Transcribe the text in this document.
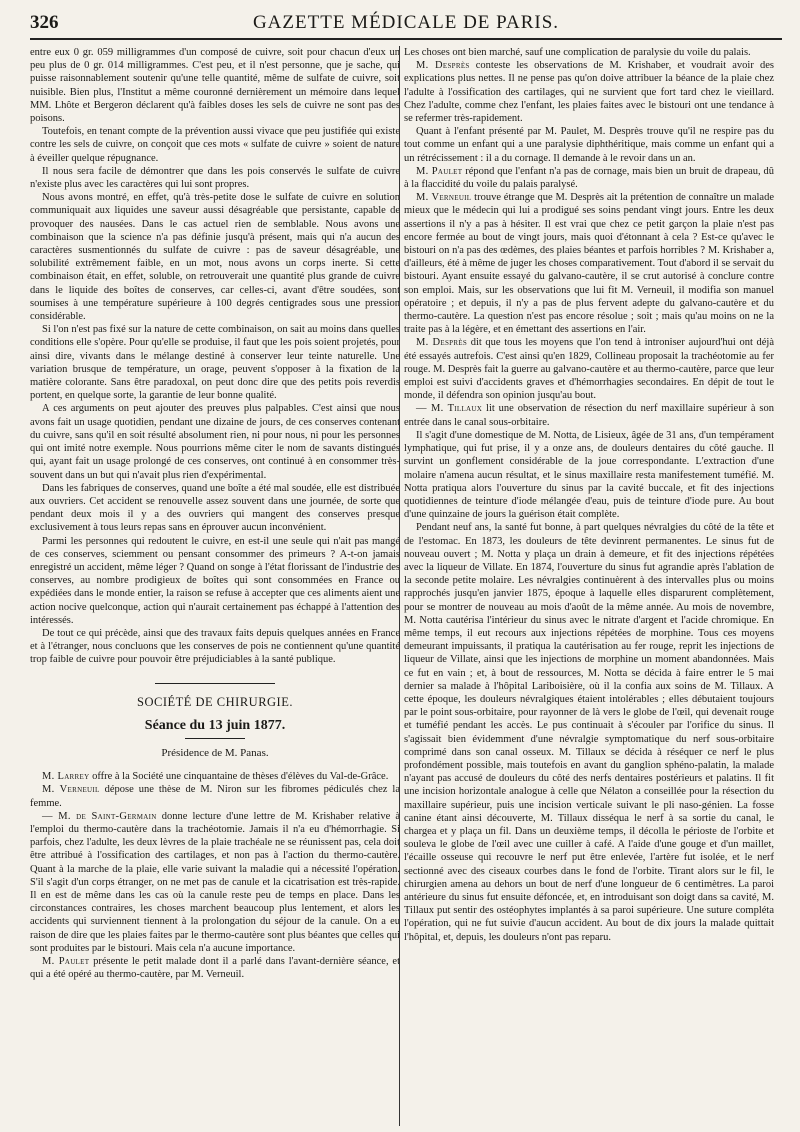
326	GAZETTE MÉDICALE DE PARIS.

entre eux 0 gr. 059 milligrammes d'un composé de cuivre, soit pour chacun d'eux un peu plus de 0 gr. 014 milligrammes. C'est peu, et il n'est personne, que je sache, qui puisse raisonnablement soutenir qu'une telle quantité, même de sulfate de cuivre, soit nuisible. Bien plus, l'Institut a même couronné dernièrement un mémoire dans lequel MM. Lhôte et Bergeron déclarent qu'à faibles doses les sels de cuivre ne sont pas des poisons.

Toutefois, en tenant compte de la prévention aussi vivace que peu justifiée qui existe contre les sels de cuivre, on conçoit que ces mots « sulfate de cuivre » soient de nature à éveiller quelque répugnance.

Il nous sera facile de démontrer que dans les pois conservés le sulfate de cuivre n'existe plus avec les caractères qui lui sont propres.

Nous avons montré, en effet, qu'à très-petite dose le sulfate de cuivre en solution communiquait aux liquides une saveur aussi désagréable que persistante, capable de provoquer des nausées. Dans le cas actuel rien de semblable. Nous avons une combinaison que la science n'a pas définie jusqu'à présent, mais qui n'a aucun des caractères susmentionnés du sulfate de cuivre : pas de saveur désagréable, une solubilité extrêmement faible, en un mot, nous avons un corps inerte. Si cette combinaison était, en effet, soluble, on retrouverait une quantité plus grande de cuivre dans le liquide des boîtes de conserves, car celles-ci, avant d'être soudées, sont soumises à une température supérieure à 100 degrés centigrades sous une pression considérable.

Si l'on n'est pas fixé sur la nature de cette combinaison, on sait au moins dans quelles conditions elle s'opère. Pour qu'elle se produise, il faut que les pois soient projetés, pour ainsi dire, vivants dans le mélange destiné à conserver leur teinte naturelle. Une variation brusque de température, un orage, peuvent s'opposer à la fixation de la matière colorante. Sans être paradoxal, on peut donc dire que des petits pois reverdis portent, en quelque sorte, la garantie de leur bonne qualité.

A ces arguments on peut ajouter des preuves plus palpables. C'est ainsi que nous avons fait un usage quotidien, pendant une dizaine de jours, de ces conserves contenant du cuivre, sans qu'il en soit résulté absolument rien, ni pour nous, ni pour les personnes qui ont imité notre exemple. Nous pourrions même citer le nom de savants distingués qui, ayant fait un usage prolongé de ces conserves, ont continué à en consommer très-souvent dans un but qui n'avait plus rien d'expérimental.

Dans les fabriques de conserves, quand une boîte a été mal soudée, elle est distribuée aux ouvriers. Cet accident se renouvelle assez souvent dans une journée, de sorte que pendant deux mois il y a des ouvriers qui mangent des conserves presque exclusivement à tous leurs repas sans en éprouver aucun inconvénient.

Parmi les personnes qui redoutent le cuivre, en est-il une seule qui n'ait pas mangé de ces conserves, sciemment ou pensant consommer des primeurs ? A-t-on jamais enregistré un accident, même léger ? Quand on songe à l'état florissant de l'industrie des conserves, au nombre prodigieux de boîtes qui sont consommées en France ou expédiées dans le monde entier, la raison se refuse à accepter que ces aliments aient une action nocive quelconque, action qui n'aurait certainement pas échappé à l'attention des intéressés.

De tout ce qui précède, ainsi que des travaux faits depuis quelques années en France et à l'étranger, nous concluons que les conserves de pois ne contiennent qu'une quantité trop faible de cuivre pour pouvoir être préjudiciables à la santé publique.

SOCIÉTÉ DE CHIRURGIE.
Séance du 13 juin 1877.
Présidence de M. Panas.

M. Larrey offre à la Société une cinquantaine de thèses d'élèves du Val-de-Grâce.

M. Verneuil dépose une thèse de M. Niron sur les fibromes pédiculés chez la femme.

— M. de Saint-Germain donne lecture d'une lettre de M. Krishaber relative à l'emploi du thermo-cautère dans la trachéotomie. Jamais il n'a eu d'hémorrhagie. Si parfois, chez l'adulte, les deux lèvres de la plaie trachéale ne se réunissent pas, cela doit être attribué à l'ossification des cartilages, et non pas à l'action du thermo-cautère. Quant à la marche de la plaie, elle varie suivant la maladie qui a nécessité l'opération. S'il s'agit d'un corps étranger, on ne met pas de canule et la cicatrisation est très-rapide. Il en est de même dans les cas où la canule reste peu de temps en place. Dans les circonstances contraires, les choses marchent beaucoup plus lentement, et alors les accidents qui surviennent tiennent à la prolongation du séjour de la canule. On a eu raison de dire que les plaies faites par le thermo-cautère sont plus béantes que celles qui sont produites par le bistouri. Mais cela n'a aucune importance.

M. Paulet présente le petit malade dont il a parlé dans l'avant-dernière séance, et qui a été opéré au thermo-cautère, par M. Verneuil.

Les choses ont bien marché, sauf une complication de paralysie du voile du palais.

M. Desprès conteste les observations de M. Krishaber, et voudrait avoir des explications plus nettes. Il ne pense pas qu'on doive attribuer la béance de la plaie chez l'adulte à l'ossification des cartilages, qui ne survient que fort tard chez le vieillard. Chez l'adulte, comme chez l'enfant, les plaies faites avec le bistouri ont une tendance à se refermer très-rapidement.

Quant à l'enfant présenté par M. Paulet, M. Desprès trouve qu'il ne respire pas du tout comme un enfant qui a une paralysie diphthéritique, mais comme un enfant qui a un rétrécissement : il a du cornage. Il demande à le revoir dans un an.

M. Paulet répond que l'enfant n'a pas de cornage, mais bien un bruit de drapeau, dû à la flaccidité du voile du palais paralysé.

M. Verneuil trouve étrange que M. Desprès ait la prétention de connaître un malade mieux que le médecin qui lui a prodigué ses soins pendant vingt jours. Entre les deux assertions il n'y a pas à hésiter. Il est vrai que chez ce petit garçon la plaie n'est pas encore fermée au bout de vingt jours, mais quoi d'étonnant à cela ? Est-ce qu'avec le bistouri on n'a pas des œdèmes, des plaies béantes et parfois horribles ? M. Krishaber a, d'ailleurs, été à même de juger les choses comparativement. Tout d'abord il se servait du bistouri. Ayant ensuite essayé du galvano-cautère, il se crut autorisé à conclure contre son emploi. Mais, sur les observations que lui fit M. Verneuil, il modifia son manuel opératoire ; et depuis, il n'y a pas de plus fervent adepte du galvano-cautère et du thermo-cautère. La question n'est pas encore résolue ; soit ; mais qu'au moins on ne la traite pas à la légère, et en émettant des assertions en l'air.

M. Desprès dit que tous les moyens que l'on tend à introniser aujourd'hui ont déjà été essayés autrefois. C'est ainsi qu'en 1829, Collineau proposait la trachéotomie au fer rouge. M. Desprès fait la guerre au galvano-cautère et au thermo-cautère, parce que leur emploi est suivi d'accidents graves et d'hémorrhagies secondaires. En dépit de tout le monde, il défendra son opinion jusqu'au bout.

— M. Tillaux lit une observation de résection du nerf maxillaire supérieur à son entrée dans le canal sous-orbitaire.

Il s'agit d'une domestique de M. Notta, de Lisieux, âgée de 31 ans, d'un tempérament lymphatique, qui fut prise, il y a onze ans, de douleurs dentaires du côté gauche. Il survint un gonflement considérable de la joue correspondante. L'extraction d'une molaire n'amena aucun résultat, et le sinus maxillaire resta manifestement tuméfié. M. Notta pratiqua alors l'ouverture du sinus par la cavité buccale, et fit des injections quotidiennes de teinture d'iode mélangée d'eau, puis de teinture d'iode pure. Au bout d'une quinzaine de jours la guérison était complète.

Pendant neuf ans, la santé fut bonne, à part quelques névralgies du côté de la tête et de l'estomac. En 1873, les douleurs de tête devinrent permanentes. Le sinus fut de nouveau ouvert ; M. Notta y plaça un drain à demeure, et fit des injections répétées avec la liqueur de Villate. En 1874, l'ouverture du sinus fut agrandie après l'ablation de la seconde petite molaire. Les névralgies continuèrent à des intervalles plus ou moins rapprochés jusqu'en janvier 1875, époque à laquelle elles disparurent complètement, pour se montrer de nouveau au mois d'août de la même année. Au mois de novembre, M. Notta cautérisa l'intérieur du sinus avec le nitrate d'argent et l'acide chromique. En même temps, il eut recours aux injections répétées de morphine. Tous ces moyens demeurant impuissants, il pratiqua la cautérisation au fer rouge, reprit les injections de liqueur de Villate, ainsi que les injections de morphine un moment abandonnées. Mais ce fut en vain ; et, à bout de ressources, M. Notta se décida à faire entrer le 5 mai dernier sa malade à l'hôpital Lariboisière, où il la confia aux soins de M. Tillaux. A cette époque, les douleurs névralgiques étaient intolérables ; elles débutaient toujours par le point sous-orbitaire, pour rayonner de là vers le globe de l'œil, qui devenait rouge et tuméfié pendant les accès. Le pus continuait à s'écouler par l'orifice du sinus. Il s'agissait bien évidemment d'une névralgie symptomatique du nerf sous-orbitaire comprimé dans son canal osseux. M. Tillaux se décida à réséquer ce nerf le plus profondément possible, mais toutefois en avant du ganglion sphéno-palatin, la malade n'ayant pas accusé de douleurs du côté des nerfs dentaires postérieurs et palatins. Il fit une incision horizontale analogue à celle que Nélaton a conseillée pour la résection du maxillaire supérieur, puis une incision verticale suivant le pli naso-génien. La fosse canine étant ainsi découverte, M. Tillaux disséqua le nerf à sa sortie du canal, le chargea et y plaça un fil. Dans un deuxième temps, il décolla le périoste de l'orbite et souleva le globe de l'œil avec une cuiller à café. A l'aide d'une gouge et d'un maillet, l'écaille osseuse qui recouvre le nerf put être enlevée, l'artère fut isolée, et le nerf sectionné avec des ciseaux courbes dans le fond de l'orbite. Tirant alors sur le fil, le chirurgien amena au dehors un bout de nerf d'une longueur de 6 centimètres. La paroi antérieure du sinus fut ensuite défoncée, et, en introduisant son doigt dans sa cavité, M. Tillaux put sentir des ostéophytes implantés à sa paroi supérieure. Une suture compléta l'opération, qui ne fut suivie d'aucun accident. Au bout de dix jours la malade quittait l'hôpital, et, depuis, les douleurs n'ont pas reparu.
